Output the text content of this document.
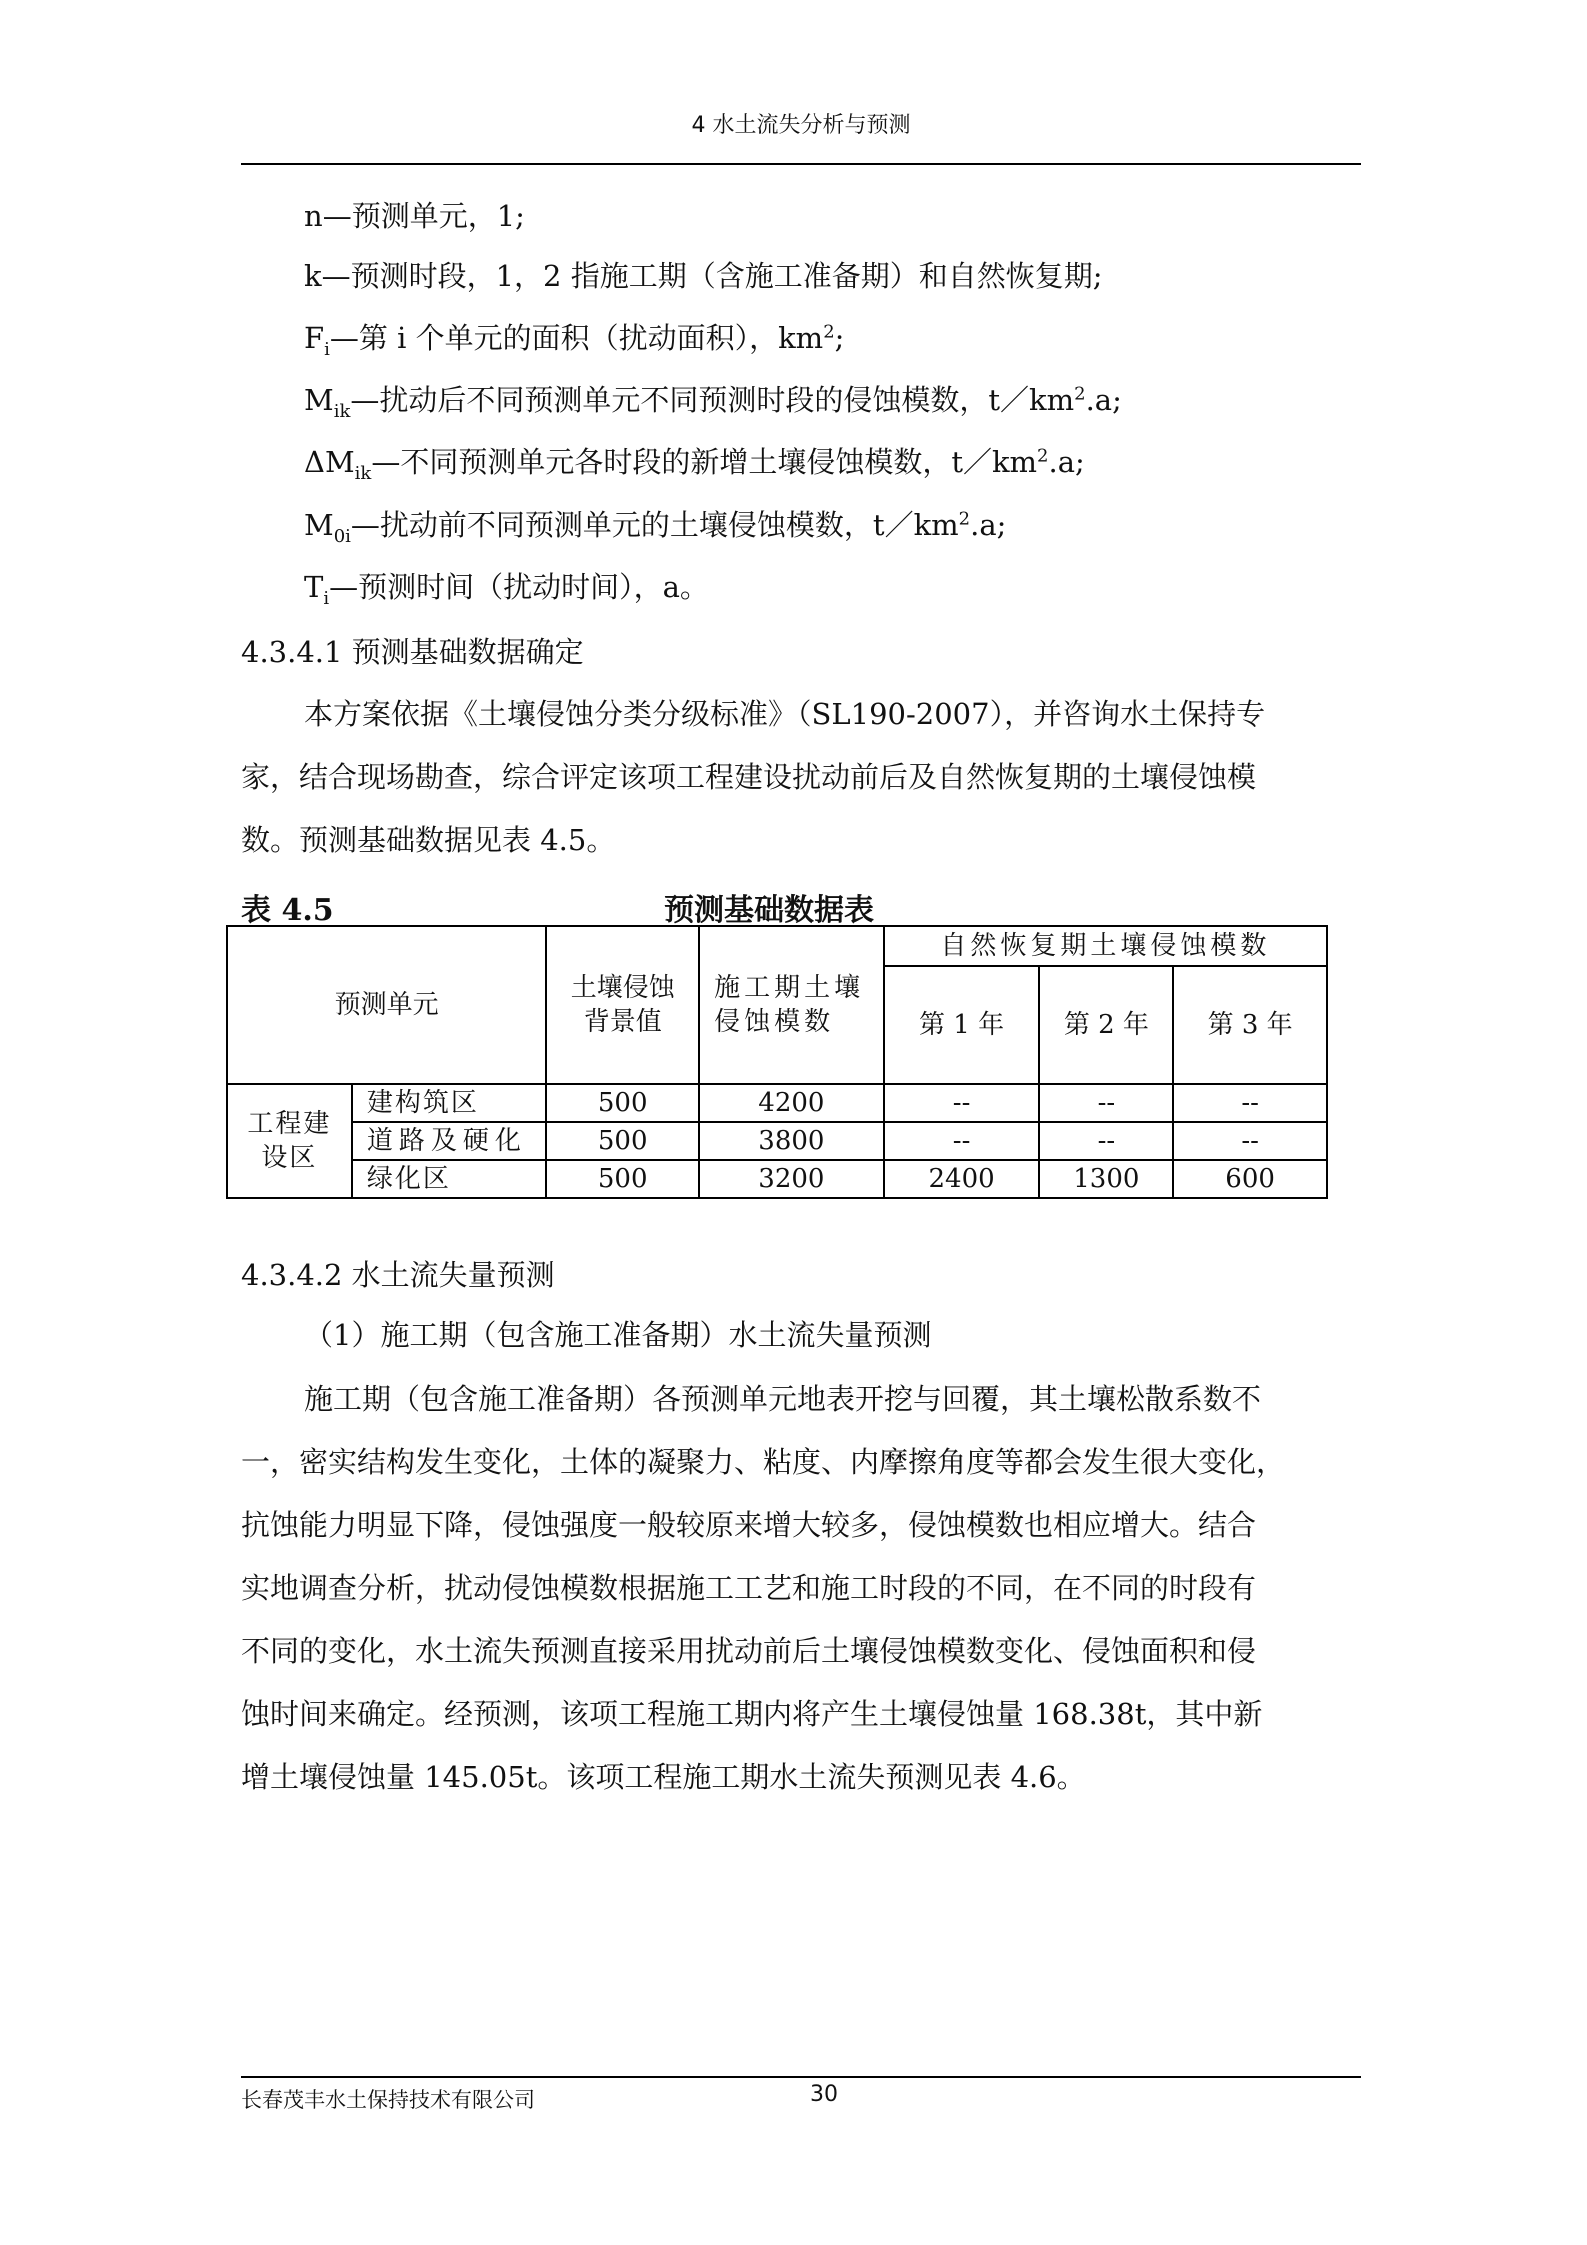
4 水土流失分析与预测
n—预测单元，1;
k—预测时段，1，2 指施工期（含施工准备期）和自然恢复期;
$F_i—$第 i 个单元的面积（扰动面积），$km^2$;
$M_{ik}—$扰动后不同预测单元不同预测时段的侵蚀模数，$t/km^2.a$;
$\Delta M_{ik}—$不同预测单元各时段的新增土壤侵蚀模数，$t/km^2.a$;
$M_{0i}—$扰动前不同预测单元的土壤侵蚀模数，$t/km^2.a$;
$T_i—$预测时间（扰动时间），a。
4.3.4.1 预测基础数据确定
本方案依据《土壤侵蚀分类分级标准》（SL190-2007），并咨询水土保持专
家，结合现场勘查，综合评定该项工程建设扰动前后及自然恢复期的土壤侵蚀模
数。预测基础数据见表 4.5。
表 4.5	预测基础数据表
预测单元		土壤侵蚀背景值	施工期土壤侵蚀模数	自然恢复期土壤侵蚀模数		
				第 1 年	第 2 年	第 3 年
工程建设区	建构筑区	500	4200	--	--	--
	道路及硬化	500	3800	--	--	--
	绿化区	500	3200	2400	1300	600
4.3.4.2 水土流失量预测
（1）施工期（包含施工准备期）水土流失量预测
施工期（包含施工准备期）各预测单元地表开挖与回覆，其土壤松散系数不
一，密实结构发生变化，土体的凝聚力、粘度、内摩擦角度等都会发生很大变化，
抗蚀能力明显下降，侵蚀强度一般较原来增大较多，侵蚀模数也相应增大。结合
实地调查分析，扰动侵蚀模数根据施工工艺和施工时段的不同，在不同的时段有
不同的变化，水土流失预测直接采用扰动前后土壤侵蚀模数变化、侵蚀面积和侵
蚀时间来确定。经预测，该项工程施工期内将产生土壤侵蚀量 168.38t，其中新
增土壤侵蚀量 145.05t。该项工程施工期水土流失预测见表 4.6。
长春茂丰水土保持技术有限公司	30
